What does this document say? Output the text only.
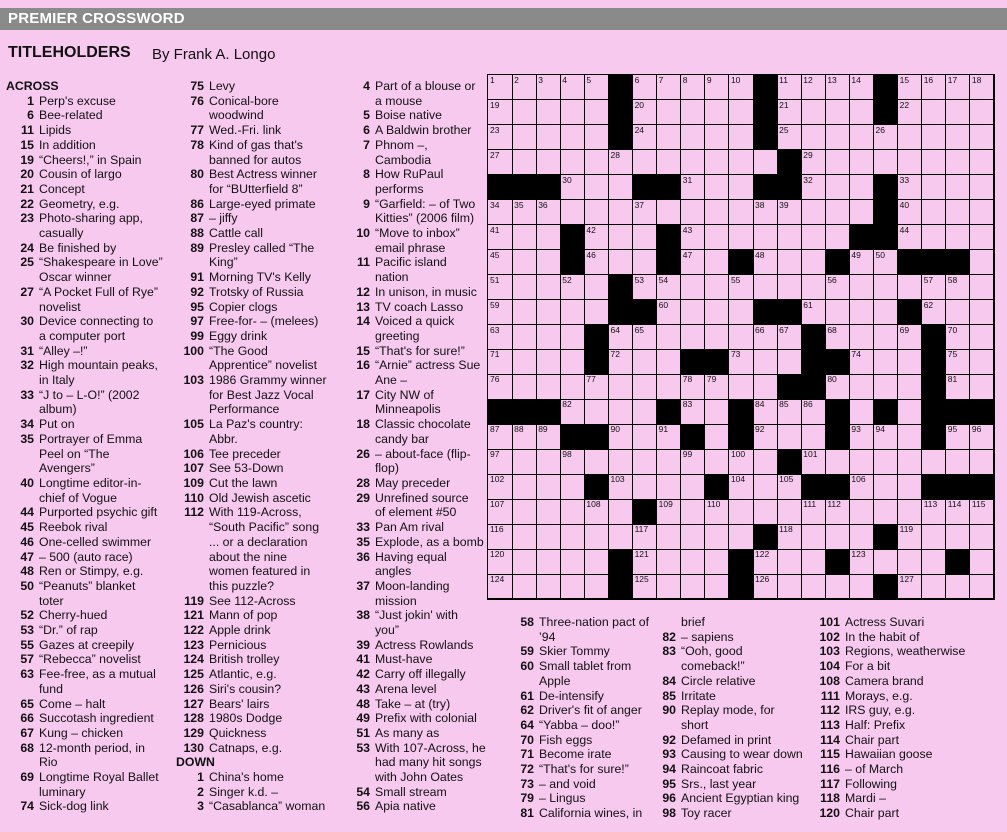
PREMIER CROSSWORD
TITLEHOLDERS By Frank A. Longo
ACROSS
1 Perp's excuse
6 Bee-related
11 Lipids
15 In addition
19 “Cheers!,” in Spain
20 Cousin of largo
21 Concept
22 Geometry, e.g.
23 Photo-sharing app,
casually
24 Be finished by
25 “Shakespeare in Love”
Oscar winner
27 “A Pocket Full of Rye”
novelist
30 Device connecting to
a computer port
31 “Alley –!”
32 High mountain peaks,
in Italy
33 “J to – L-O!” (2002
album)
34 Put on
35 Portrayer of Emma
Peel on “The
Avengers”
40 Longtime editor-in-
chief of Vogue
44 Purported psychic gift
45 Reebok rival
46 One-celled swimmer
47 – 500 (auto race)
48 Ren or Stimpy, e.g.
50 “Peanuts” blanket
toter
52 Cherry-hued
53 “Dr.” of rap
55 Gazes at creepily
57 “Rebecca” novelist
63 Fee-free, as a mutual
fund
65 Come – halt
66 Succotash ingredient
67 Kung – chicken
68 12-month period, in
Rio
69 Longtime Royal Ballet
luminary
74 Sick-dog link
75 Levy
76 Conical-bore
woodwind
77 Wed.-Fri. link
78 Kind of gas that's
banned for autos
80 Best Actress winner
for “BUtterfield 8”
86 Large-eyed primate
87 – jiffy
88 Cattle call
89 Presley called “The
King”
91 Morning TV's Kelly
92 Trotsky of Russia
95 Copier clogs
97 Free-for- – (melees)
99 Eggy drink
100 “The Good
Apprentice” novelist
103 1986 Grammy winner
for Best Jazz Vocal
Performance
105 La Paz's country:
Abbr.
106 Tee preceder
107 See 53-Down
109 Cut the lawn
110 Old Jewish ascetic
112 With 119-Across,
“South Pacific” song
... or a declaration
about the nine
women featured in
this puzzle?
119 See 112-Across
121 Mann of pop
122 Apple drink
123 Pernicious
124 British trolley
125 Atlantic, e.g.
126 Siri's cousin?
127 Bears' lairs
128 1980s Dodge
129 Quickness
130 Catnaps, e.g.
DOWN
1 China's home
2 Singer k.d. –
3 “Casablanca” woman
4 Part of a blouse or
a mouse
5 Boise native
6 A Baldwin brother
7 Phnom –,
Cambodia
8 How RuPaul
performs
9 “Garfield: – of Two
Kitties” (2006 film)
10 “Move to inbox”
email phrase
11 Pacific island
nation
12 In unison, in music
13 TV coach Lasso
14 Voiced a quick
greeting
15 “That's for sure!”
16 “Arnie” actress Sue
Ane –
17 City NW of
Minneapolis
18 Classic chocolate
candy bar
26 – about-face (flip-
flop)
28 May preceder
29 Unrefined source
of element #50
33 Pan Am rival
35 Explode, as a bomb
36 Having equal
angles
37 Moon-landing
mission
38 “Just jokin' with
you”
39 Actress Rowlands
41 Must-have
42 Carry off illegally
43 Arena level
48 Take – at (try)
49 Prefix with colonial
51 As many as
53 With 107-Across, he
had many hit songs
with John Oates
54 Small stream
56 Apia native
58 Three-nation pact of
’94
59 Skier Tommy
60 Small tablet from
Apple
61 De-intensify
62 Driver's fit of anger
64 “Yabba – doo!”
70 Fish eggs
71 Become irate
72 “That's for sure!”
73 – and void
79 – Lingus
81 California wines, in
brief
82 – sapiens
83 “Ooh, good
comeback!”
84 Circle relative
85 Irritate
90 Replay mode, for
short
92 Defamed in print
93 Causing to wear down
94 Raincoat fabric
95 Srs., last year
96 Ancient Egyptian king
98 Toy racer
101 Actress Suvari
102 In the habit of
103 Regions, weatherwise
104 For a bit
108 Camera brand
111 Morays, e.g.
112 IRS guy, e.g.
113 Half: Prefix
114 Chair part
115 Hawaiian goose
116 – of March
117 Following
118 Mardi –
120 Chair part
1 2 3 4 5	6 7 8 9 10	11 12 13 14	15 16 17 18
19	20	21	22
23	24	25	26
27	28	29
30	31	32	33
34 35 36	37	38 39	40
41	42	43	44
45	46	47	48	49 50
51	52	53 54	55	56	57 58
59	60	61	62
63	64 65	66 67	68	69	70
71	72	73	74	75
76	77	78 79	80	81
82	83	84 85 86
87 88 89	90	91	92	93 94	95 96
97	98	99	100	101
102	103	104	105	106
107	108	109	110	111 112	113 114 115
116	117	118	119
120	121	122	123
124	125	126	127
